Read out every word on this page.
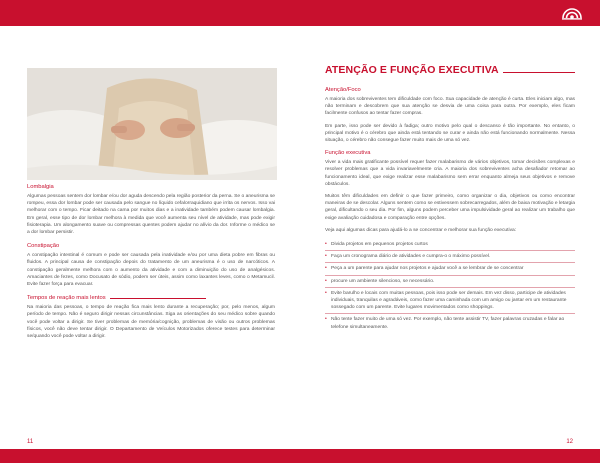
Lombalgia

Algumas pessoas sentem dor lombar e/ou dor aguda descendo pela região posterior da perna. Se o aneurisma se rompeu, essa dor lombar pode ser causada pelo sangue no líquido cefalorraquidiano que irrita os nervos. Isso vai melhorar com o tempo. Ficar deitado na cama por muitos dias e a inatividade também podem causar lombalgia. Em geral, esse tipo de dor lombar melhora à medida que você aumenta seu nível de atividade, mas pode exigir fisioterapia. Um alongamento suave ou compressas quentes podem ajudar no alívio da dor. Informe o médico se a dor lombar persistir.

Constipação

A constipação intestinal é comum e pode ser causada pela inatividade e/ou por uma dieta pobre em fibras ou fluidos. A principal causa de constipação depois do tratamento de um aneurisma é o uso de narcóticos. A constipação geralmente melhora com o aumento da atividade e com a diminuição do uso de analgésicos. Amaciantes de fezes, como Docusato de sódio, podem ser úteis, assim como laxantes leves, como o Metamucil. Evite fazer força para evacuar.

Tempos de reação mais lentos

Na maioria das pessoas, o tempo de reação fica mais lento durante a recuperação; por, pelo menos, algum período de tempo. Não é seguro dirigir nessas circunstâncias. Siga as orientações do seu médico sobre quando você pode voltar a dirigir. Se tiver problemas de memória/cognição, problemas de visão ou outros problemas físicos, você não deve tentar dirigir. O Departamento de Veículos Motorizados oferece testes para determinar se/quando você pode voltar a dirigir.

ATENÇÃO E FUNÇÃO EXECUTIVA
Atenção/Foco

A maioria dos sobreviventes tem dificuldade com foco. Sua capacidade de atenção é curta. Eles iniciam algo, mas não terminam e descobrem que sua atenção se desvia de uma coisa para outra. Por exemplo, eles ficam facilmente confusos ao tentar fazer compras.

Em parte, isso pode ser devido à fadiga; outro motivo pelo qual o descanso é tão importante. No entanto, o principal motivo é o cérebro que ainda está tentando se curar e ainda não está funcionando normalmente. Nessa situação, o cérebro não consegue fazer muito mais de uma só vez.

Função executiva

Viver a vida mais gratificante possível requer fazer malabarismo de vários objetivos, tomar decisões complexas e resolver problemas que a vida invariavelmente cria. A maioria dos sobreviventes acha desafiador retomar ao funcionamento ideal, que exige realizar esse malabarismo sem errar enquanto almeja seus objetivos e remove obstáculos.

Muitos têm dificuldades em definir o que fazer primeiro, como organizar o dia, objetivos ou como encontrar maneiras de se descolar. Alguns sentem como se estivessem sobrecarregados, além de baixa motivação e letargia geral, dificultando o seu dia. Por fim, alguns podem perceber uma impulsividade geral ao realizar um trabalho que exige avaliação cuidadosa e comparação entre opções.

Veja aqui algumas dicas para ajudá-lo a se concentrar e melhorar sua função executiva:

• Divida projetos em pequenos projetos curtos
• Faça um cronograma diário de atividades e cumpra-o o máximo possível.
• Peça a um parente para ajudar nos projetos e ajudar você a se lembrar de se concentrar
• procure um ambiente silencioso, se necessário.
• Evite barulho e locais com muitas pessoas, pois isso pode ser demais. Em vez disso, participe de atividades individuais, tranquilas e agradáveis, como fazer uma caminhada com um amigo ou jantar em um restaurante sossegado com um parente. Evite lugares movimentados como shoppings.
• Não tente fazer muito de uma só vez. Por exemplo, não tente assistir TV, fazer palavras cruzadas e falar ao telefone simultaneamente.
11	12
